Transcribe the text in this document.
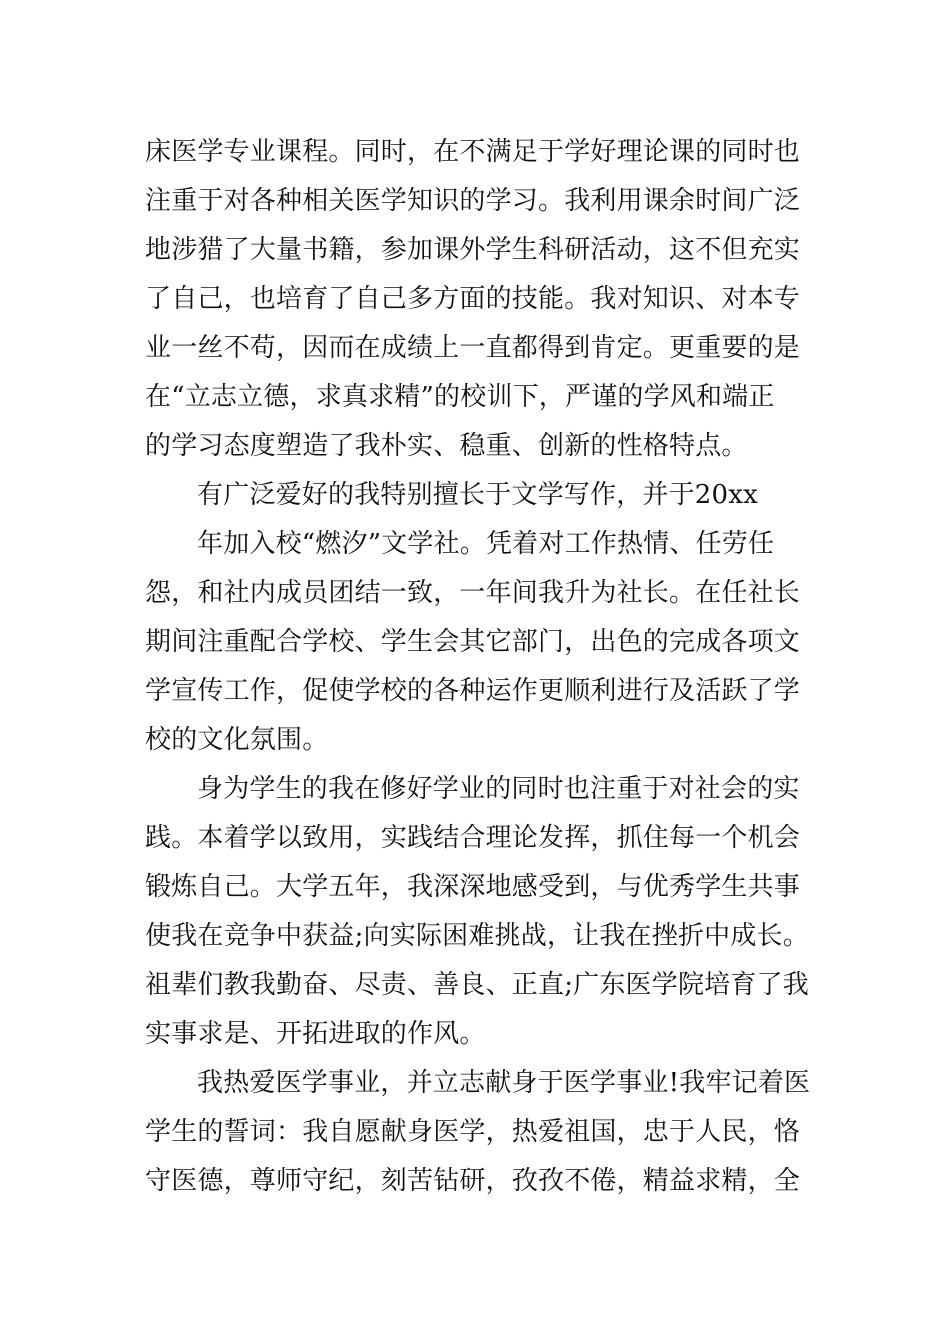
床医学专业课程。同时，在不满足于学好理论课的同时也
注重于对各种相关医学知识的学习。我利用课余时间广泛
地涉猎了大量书籍，参加课外学生科研活动，这不但充实
了自己，也培育了自己多方面的技能。我对知识、对本专
业一丝不苟，因而在成绩上一直都得到肯定。更重要的是
在“立志立德，求真求精”的校训下，严谨的学风和端正
的学习态度塑造了我朴实、稳重、创新的性格特点。
有广泛爱好的我特别擅长于文学写作，并于20xx
年加入校“燃汐”文学社。凭着对工作热情、任劳任
怨，和社内成员团结一致，一年间我升为社长。在任社长
期间注重配合学校、学生会其它部门，出色的完成各项文
学宣传工作，促使学校的各种运作更顺利进行及活跃了学
校的文化氛围。
身为学生的我在修好学业的同时也注重于对社会的实
践。本着学以致用，实践结合理论发挥，抓住每一个机会
锻炼自己。大学五年，我深深地感受到，与优秀学生共事
使我在竞争中获益;向实际困难挑战，让我在挫折中成长。
祖辈们教我勤奋、尽责、善良、正直;广东医学院培育了我
实事求是、开拓进取的作风。
我热爱医学事业，并立志献身于医学事业!我牢记着医
学生的誓词：我自愿献身医学，热爱祖国，忠于人民，恪
守医德，尊师守纪，刻苦钻研，孜孜不倦，精益求精，全
